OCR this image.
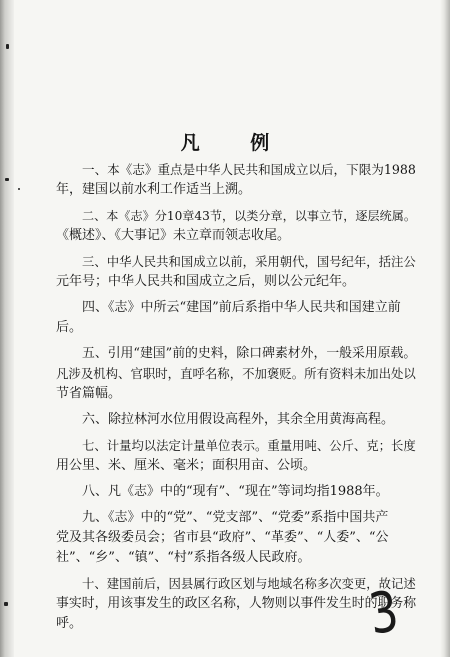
凡 例
一、本《志》重点是中华人民共和国成立以后，下限为1988
年，建国以前水利工作适当上溯。
二、本《志》分10章43节，以类分章，以事立节，逐层统属。
《概述》、《大事记》未立章而领志收尾。
三、中华人民共和国成立以前，采用朝代，国号纪年，括注公
元年号；中华人民共和国成立之后，则以公元纪年。
四、《志》中所云“建国”前后系指中华人民共和国建立前
后。
五、引用“建国”前的史料，除口碑素材外，一般采用原载。
凡涉及机构、官职时，直呼名称，不加褒贬。所有资料未加出处以
节省篇幅。
六、除拉林河水位用假设高程外，其余全用黄海高程。
七、计量均以法定计量单位表示。重量用吨、公斤、克；长度
用公里、米、厘米、毫米；面积用亩、公顷。
八、凡《志》中的“现有”、“现在”等词均指1988年。
九、《志》中的“党”、“党支部”、“党委”系指中国共产
党及其各级委员会；省市县“政府”、“革委”、“人委”、“公
社”、“乡”、“镇”、“村”系指各级人民政府。
十、建国前后，因县属行政区划与地域名称多次变更，故记述
事实时，用该事发生的政区名称，人物则以事件发生时的职务称
呼。	3
